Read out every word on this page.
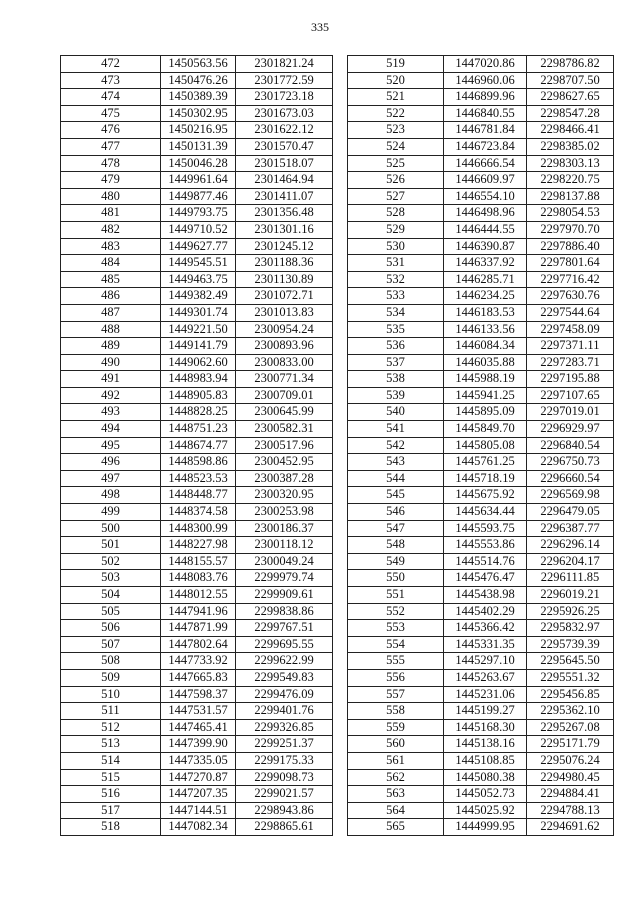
335
472	1450563.56	2301821.24
473	1450476.26	2301772.59
474	1450389.39	2301723.18
475	1450302.95	2301673.03
476	1450216.95	2301622.12
477	1450131.39	2301570.47
478	1450046.28	2301518.07
479	1449961.64	2301464.94
480	1449877.46	2301411.07
481	1449793.75	2301356.48
482	1449710.52	2301301.16
483	1449627.77	2301245.12
484	1449545.51	2301188.36
485	1449463.75	2301130.89
486	1449382.49	2301072.71
487	1449301.74	2301013.83
488	1449221.50	2300954.24
489	1449141.79	2300893.96
490	1449062.60	2300833.00
491	1448983.94	2300771.34
492	1448905.83	2300709.01
493	1448828.25	2300645.99
494	1448751.23	2300582.31
495	1448674.77	2300517.96
496	1448598.86	2300452.95
497	1448523.53	2300387.28
498	1448448.77	2300320.95
499	1448374.58	2300253.98
500	1448300.99	2300186.37
501	1448227.98	2300118.12
502	1448155.57	2300049.24
503	1448083.76	2299979.74
504	1448012.55	2299909.61
505	1447941.96	2299838.86
506	1447871.99	2299767.51
507	1447802.64	2299695.55
508	1447733.92	2299622.99
509	1447665.83	2299549.83
510	1447598.37	2299476.09
511	1447531.57	2299401.76
512	1447465.41	2299326.85
513	1447399.90	2299251.37
514	1447335.05	2299175.33
515	1447270.87	2299098.73
516	1447207.35	2299021.57
517	1447144.51	2298943.86
518	1447082.34	2298865.61
519	1447020.86	2298786.82
520	1446960.06	2298707.50
521	1446899.96	2298627.65
522	1446840.55	2298547.28
523	1446781.84	2298466.41
524	1446723.84	2298385.02
525	1446666.54	2298303.13
526	1446609.97	2298220.75
527	1446554.10	2298137.88
528	1446498.96	2298054.53
529	1446444.55	2297970.70
530	1446390.87	2297886.40
531	1446337.92	2297801.64
532	1446285.71	2297716.42
533	1446234.25	2297630.76
534	1446183.53	2297544.64
535	1446133.56	2297458.09
536	1446084.34	2297371.11
537	1446035.88	2297283.71
538	1445988.19	2297195.88
539	1445941.25	2297107.65
540	1445895.09	2297019.01
541	1445849.70	2296929.97
542	1445805.08	2296840.54
543	1445761.25	2296750.73
544	1445718.19	2296660.54
545	1445675.92	2296569.98
546	1445634.44	2296479.05
547	1445593.75	2296387.77
548	1445553.86	2296296.14
549	1445514.76	2296204.17
550	1445476.47	2296111.85
551	1445438.98	2296019.21
552	1445402.29	2295926.25
553	1445366.42	2295832.97
554	1445331.35	2295739.39
555	1445297.10	2295645.50
556	1445263.67	2295551.32
557	1445231.06	2295456.85
558	1445199.27	2295362.10
559	1445168.30	2295267.08
560	1445138.16	2295171.79
561	1445108.85	2295076.24
562	1445080.38	2294980.45
563	1445052.73	2294884.41
564	1445025.92	2294788.13
565	1444999.95	2294691.62
